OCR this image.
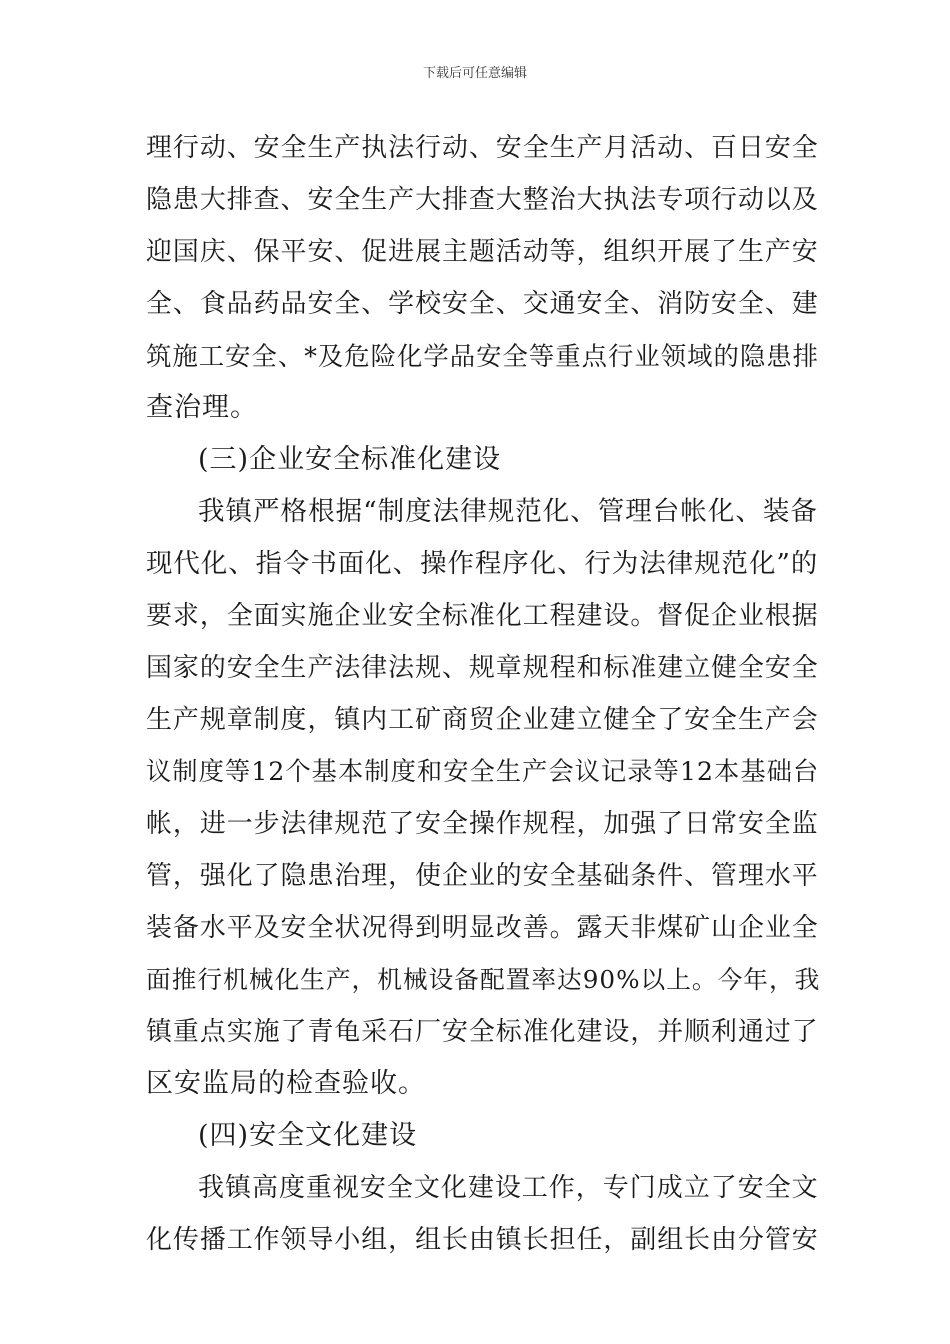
下载后可任意编辑
理行动、安全生产执法行动、安全生产月活动、百日安全
隐患大排查、安全生产大排查大整治大执法专项行动以及
迎国庆、保平安、促进展主题活动等，组织开展了生产安
全、食品药品安全、学校安全、交通安全、消防安全、建
筑施工安全、*及危险化学品安全等重点行业领域的隐患排
查治理。
(三)企业安全标准化建设
我镇严格根据“制度法律规范化、管理台帐化、装备
现代化、指令书面化、操作程序化、行为法律规范化”的
要求，全面实施企业安全标准化工程建设。督促企业根据
国家的安全生产法律法规、规章规程和标准建立健全安全
生产规章制度，镇内工矿商贸企业建立健全了安全生产会
议制度等12个基本制度和安全生产会议记录等12本基础台
帐，进一步法律规范了安全操作规程，加强了日常安全监
管，强化了隐患治理，使企业的安全基础条件、管理水平
装备水平及安全状况得到明显改善。露天非煤矿山企业全
面推行机械化生产，机械设备配置率达90%以上。今年，我
镇重点实施了青龟采石厂安全标准化建设，并顺利通过了
区安监局的检查验收。
(四)安全文化建设
我镇高度重视安全文化建设工作，专门成立了安全文
化传播工作领导小组，组长由镇长担任，副组长由分管安
